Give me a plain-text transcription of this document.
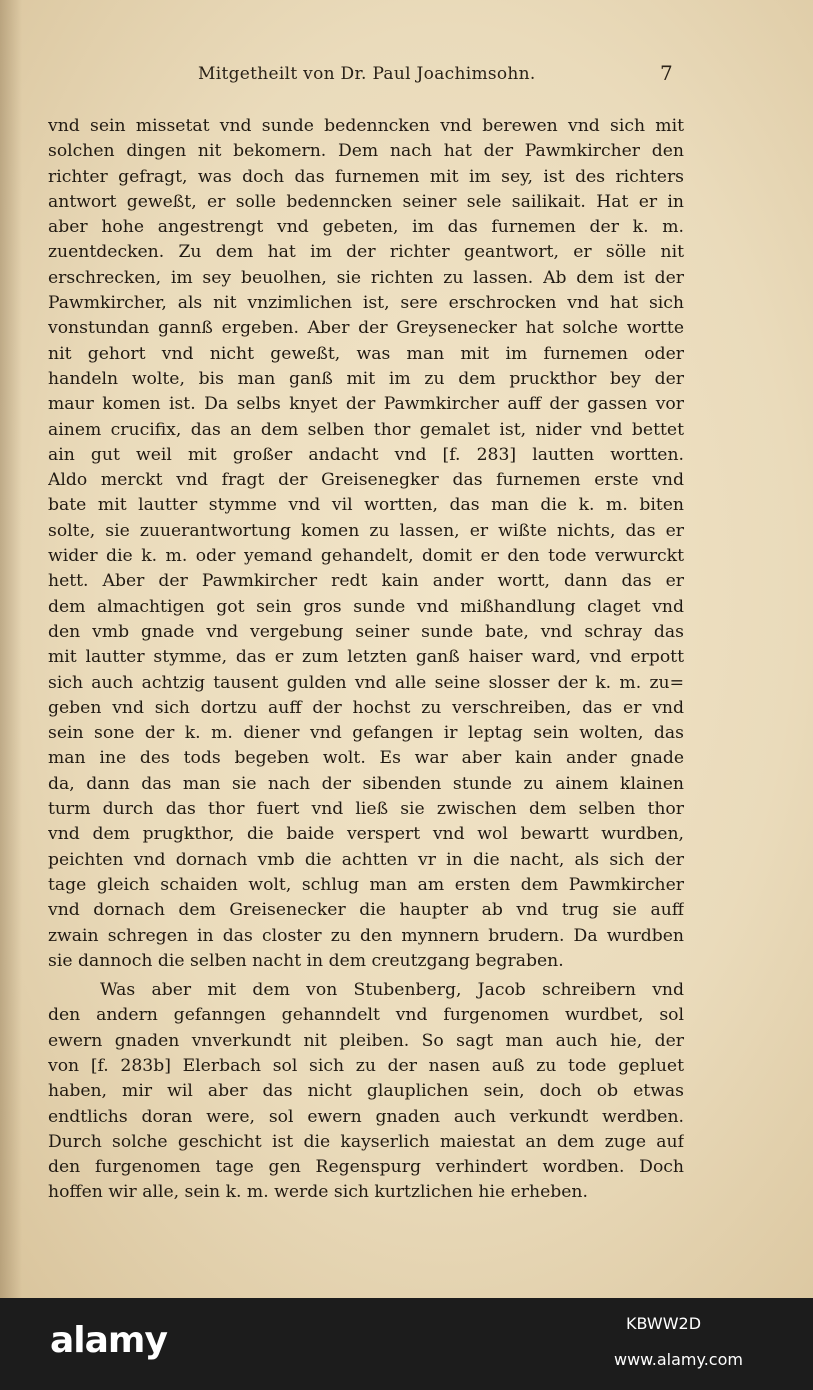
Mitgetheilt von Dr. Paul Joachimsohn.	7
vnd sein missetat vnd sunde bedenncken vnd berewen vnd sich mit
solchen dingen nit bekomern. Dem nach hat der Pawmkircher den
richter gefragt, was doch das furnemen mit im sey, ist des richters
antwort geweßt, er solle bedenncken seiner sele sailikait. Hat er in
aber hohe angestrengt vnd gebeten, im das furnemen der k. m.
zuentdecken. Zu dem hat im der richter geantwort, er sölle nit
erschrecken, im sey beuolhen, sie richten zu lassen. Ab dem ist der
Pawmkircher, als nit vnzimlichen ist, sere erschrocken vnd hat sich
vonstundan gannß ergeben. Aber der Greysenecker hat solche wortte
nit gehort vnd nicht geweßt, was man mit im furnemen oder
handeln wolte, bis man ganß mit im zu dem pruckthor bey der
maur komen ist. Da selbs knyet der Pawmkircher auff der gassen vor
ainem crucifix, das an dem selben thor gemalet ist, nider vnd bettet
ain gut weil mit großer andacht vnd [f. 283] lautten wortten.
Aldo merckt vnd fragt der Greisenegker das furnemen erste vnd
bate mit lautter stymme vnd vil wortten, das man die k. m. biten
solte, sie zuuerantwortung komen zu lassen, er wißte nichts, das er
wider die k. m. oder yemand gehandelt, domit er den tode verwurckt
hett. Aber der Pawmkircher redt kain ander wortt, dann das er
dem almachtigen got sein gros sunde vnd mißhandlung claget vnd
den vmb gnade vnd vergebung seiner sunde bate, vnd schray das
mit lautter stymme, das er zum letzten ganß haiser ward, vnd erpott
sich auch achtzig tausent gulden vnd alle seine slosser der k. m. zu=
geben vnd sich dortzu auff der hochst zu verschreiben, das er vnd
sein sone der k. m. diener vnd gefangen ir leptag sein wolten, das
man ine des tods begeben wolt. Es war aber kain ander gnade
da, dann das man sie nach der sibenden stunde zu ainem klainen
turm durch das thor fuert vnd ließ sie zwischen dem selben thor
vnd dem prugkthor, die baide verspert vnd wol bewartt wurdben,
peichten vnd dornach vmb die achtten vr in die nacht, als sich der
tage gleich schaiden wolt, schlug man am ersten dem Pawmkircher
vnd dornach dem Greisenecker die haupter ab vnd trug sie auff
zwain schregen in das closter zu den mynnern brudern. Da wurdben
sie dannoch die selben nacht in dem creutzgang begraben.
Was aber mit dem von Stubenberg, Jacob schreibern vnd
den andern gefanngen gehanndelt vnd furgenomen wurdbet, sol
ewern gnaden vnverkundt nit pleiben. So sagt man auch hie, der
von [f. 283b] Elerbach sol sich zu der nasen auß zu tode gepluet
haben, mir wil aber das nicht glauplichen sein, doch ob etwas
endtlichs doran were, sol ewern gnaden auch verkundt werdben.
Durch solche geschicht ist die kayserlich maiestat an dem zuge auf
den furgenomen tage gen Regenspurg verhindert wordben. Doch
hoffen wir alle, sein k. m. werde sich kurtzlichen hie erheben.
alamy	KBWW2D
www.alamy.com
